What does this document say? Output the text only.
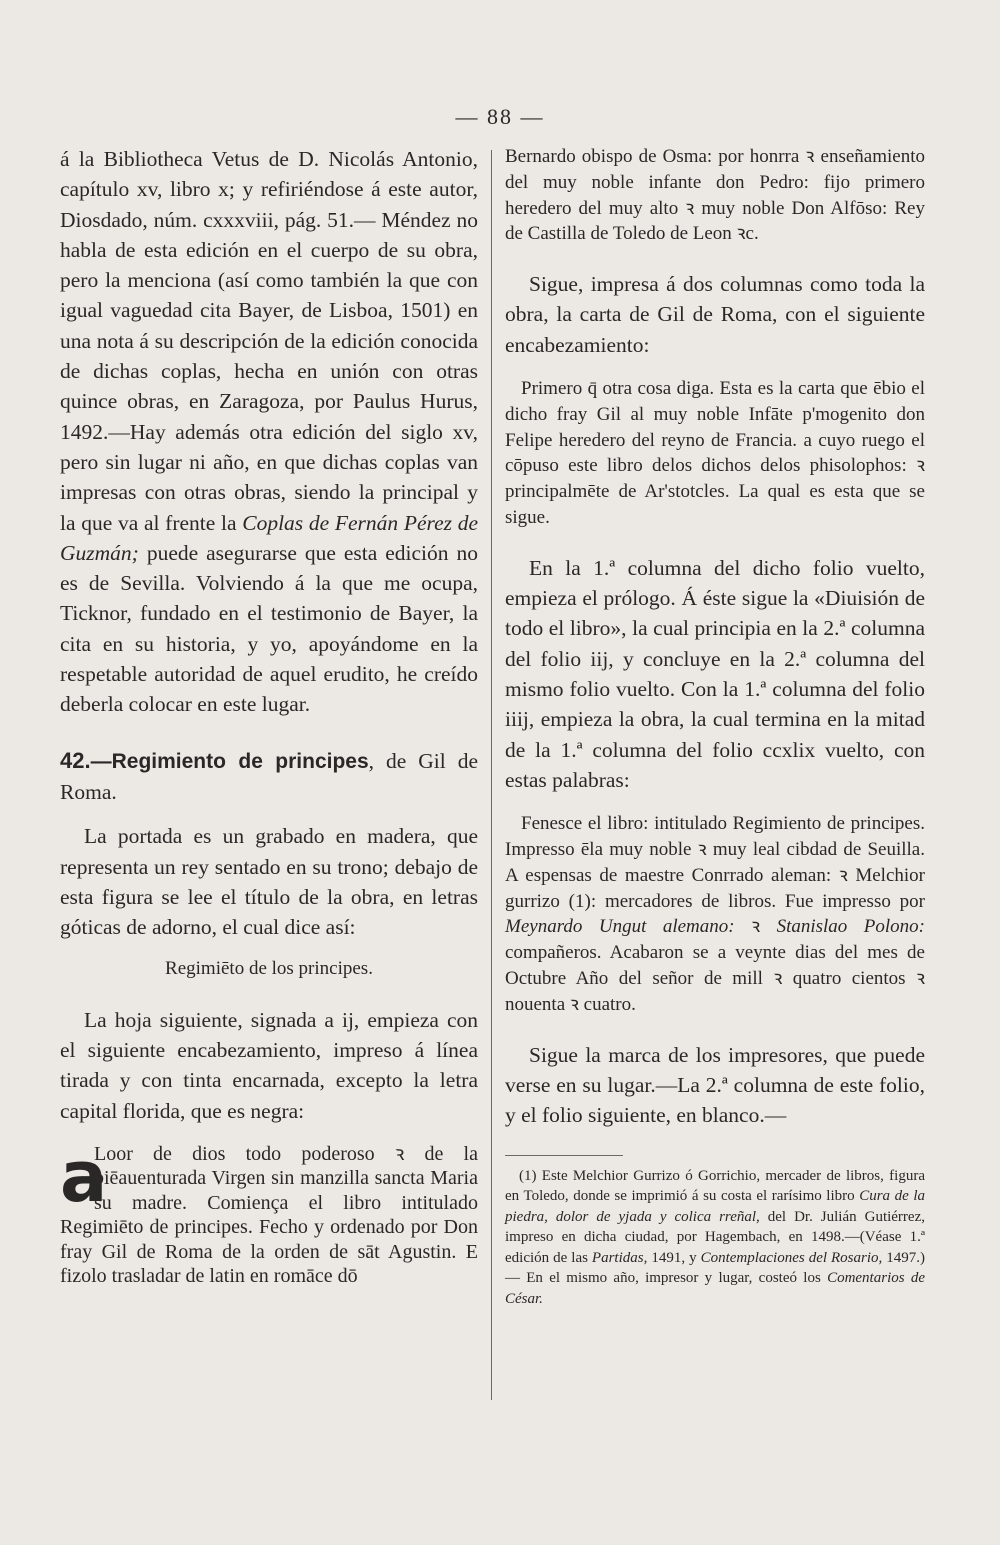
— 88 —

á la Bibliotheca Vetus de D. Nicolás Antonio, capítulo xv, libro x; y refiriéndose á este autor, Diosdado, núm. cxxxviii, pág. 51.— Méndez no habla de esta edición en el cuerpo de su obra, pero la menciona (así como también la que con igual vaguedad cita Bayer, de Lisboa, 1501) en una nota á su descripción de la edición conocida de dichas coplas, hecha en unión con otras quince obras, en Zaragoza, por Paulus Hurus, 1492.—Hay además otra edición del siglo xv, pero sin lugar ni año, en que dichas coplas van impresas con otras obras, siendo la principal y la que va al frente la Coplas de Fernán Pérez de Guzmán; puede asegurarse que esta edición no es de Sevilla. Volviendo á la que me ocupa, Ticknor, fundado en el testimonio de Bayer, la cita en su historia, y yo, apoyándome en la respetable autoridad de aquel erudito, he creído deberla colocar en este lugar.

42.—Regimiento de principes, de Gil de Roma.

La portada es un grabado en madera, que representa un rey sentado en su trono; debajo de esta figura se lee el título de la obra, en letras góticas de adorno, el cual dice así:

Regimiēto de los principes.

La hoja siguiente, signada a ij, empieza con el siguiente encabezamiento, impreso á línea tirada y con tinta encarnada, excepto la letra capital florida, que es negra:

a

Loor de dios todo poderoso ꝛ de la biēauenturada Virgen sin manzilla sancta Maria su madre. Comiença el libro intitulado Regimiēto de principes. Fecho y ordenado por Don fray Gil de Roma de la orden de sāt Agustin. E fizolo trasladar de latin en romāce dō

Bernardo obispo de Osma: por honrra ꝛ enseñamiento del muy noble infante don Pedro: fijo primero heredero del muy alto ꝛ muy noble Don Alfōso: Rey de Castilla de Toledo de Leon ꝛc.

Sigue, impresa á dos columnas como toda la obra, la carta de Gil de Roma, con el siguiente encabezamiento:

Primero q̄ otra cosa diga. Esta es la carta que ēbio el dicho fray Gil al muy noble Infāte p'mogenito don Felipe heredero del reyno de Francia. a cuyo ruego el cōpuso este libro delos dichos delos phisolophos: ꝛ principalmēte de Ar'stotcles. La qual es esta que se sigue.

En la 1.ª columna del dicho folio vuelto, empieza el prólogo. Á éste sigue la «Diuisión de todo el libro», la cual principia en la 2.ª columna del folio iij, y concluye en la 2.ª columna del mismo folio vuelto. Con la 1.ª columna del folio iiij, empieza la obra, la cual termina en la mitad de la 1.ª columna del folio ccxlix vuelto, con estas palabras:

Fenesce el libro: intitulado Regimiento de principes. Impresso ēla muy noble ꝛ muy leal cibdad de Seuilla. A espensas de maestre Conrrado aleman: ꝛ Melchior gurrizo (1): mercadores de libros. Fue impresso por Meynardo Ungut alemano: ꝛ Stanislao Polono: compañeros. Acabaron se a veynte dias del mes de Octubre Año del señor de mill ꝛ quatro cientos ꝛ nouenta ꝛ cuatro.

Sigue la marca de los impresores, que puede verse en su lugar.—La 2.ª columna de este folio, y el folio siguiente, en blanco.—

(1) Este Melchior Gurrizo ó Gorrichio, mercader de libros, figura en Toledo, donde se imprimió á su costa el rarísimo libro Cura de la piedra, dolor de yjada y colica rreñal, del Dr. Julián Gutiérrez, impreso en dicha ciudad, por Hagembach, en 1498.—(Véase 1.ª edición de las Partidas, 1491, y Contemplaciones del Rosario, 1497.)— En el mismo año, impresor y lugar, costeó los Comentarios de César.
